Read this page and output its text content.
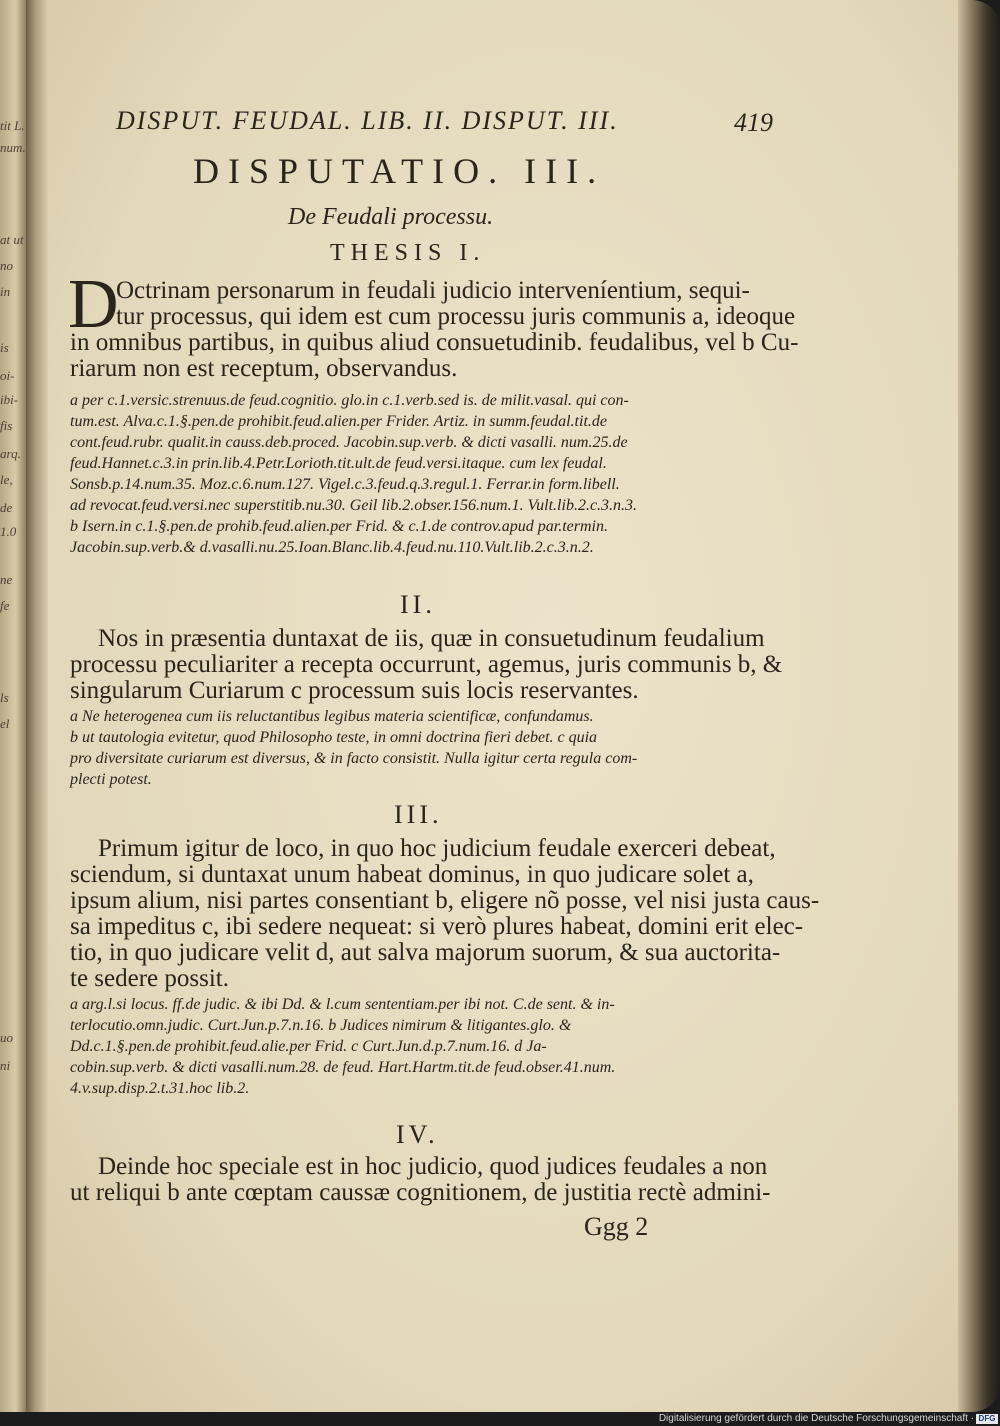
tit L.
num.
at ut
no
in
is
oi-
ibi-
fis
arq.
le,
de
1.0
ne
fe
ls
el
uo
ni
DISPUT. FEUDAL. LIB. II. DISPUT. III.	419
DISPUTATIO. III.
De Feudali processu.
THESIS I.
D
Octrinam personarum in feudali judicio interveníentium, sequi-
tur processus, qui idem est cum processu juris communis a, ideoque
in omnibus partibus, in quibus aliud consuetudinib. feudalibus, vel b Cu-
riarum non est receptum, observandus.
a per c.1.versic.strenuus.de feud.cognitio. glo.in c.1.verb.sed is. de milit.vasal. qui con-
tum.est. Alva.c.1.§.pen.de prohibit.feud.alien.per Frider. Artiz. in summ.feudal.tit.de
cont.feud.rubr. qualit.in causs.deb.proced. Jacobin.sup.verb. & dicti vasalli. num.25.de
feud.Hannet.c.3.in prin.lib.4.Petr.Lorioth.tit.ult.de feud.versi.itaque. cum lex feudal.
Sonsb.p.14.num.35. Moz.c.6.num.127. Vigel.c.3.feud.q.3.regul.1. Ferrar.in form.libell.
ad revocat.feud.versi.nec superstitib.nu.30. Geil lib.2.obser.156.num.1. Vult.lib.2.c.3.n.3.
b Isern.in c.1.§.pen.de prohib.feud.alien.per Frid. & c.1.de controv.apud par.termin.
Jacobin.sup.verb.& d.vasalli.nu.25.Ioan.Blanc.lib.4.feud.nu.110.Vult.lib.2.c.3.n.2.
II.
Nos in præsentia duntaxat de iis, quæ in consuetudinum feudalium
processu peculiariter a recepta occurrunt, agemus, juris communis b, &
singularum Curiarum c processum suis locis reservantes.
a Ne heterogenea cum iis reluctantibus legibus materia scientificæ, confundamus.
b ut tautologia evitetur, quod Philosopho teste, in omni doctrina fieri debet. c quia
pro diversitate curiarum est diversus, & in facto consistit. Nulla igitur certa regula com-
plecti potest.
III.
Primum igitur de loco, in quo hoc judicium feudale exerceri debeat,
sciendum, si duntaxat unum habeat dominus, in quo judicare solet a,
ipsum alium, nisi partes consentiant b, eligere nõ posse, vel nisi justa caus-
sa impeditus c, ibi sedere nequeat: si verò plures habeat, domini erit elec-
tio, in quo judicare velit d, aut salva majorum suorum, & sua auctorita-
te sedere possit.
a arg.l.si locus. ff.de judic. & ibi Dd. & l.cum sententiam.per ibi not. C.de sent. & in-
terlocutio.omn.judic. Curt.Jun.p.7.n.16. b Judices nimirum & litigantes.glo. &
Dd.c.1.§.pen.de prohibit.feud.alie.per Frid. c Curt.Jun.d.p.7.num.16. d Ja-
cobin.sup.verb. & dicti vasalli.num.28. de feud. Hart.Hartm.tit.de feud.obser.41.num.
4.v.sup.disp.2.t.31.hoc lib.2.
IV.
Deinde hoc speciale est in hoc judicio, quod judices feudales a non
ut reliqui b ante cœptam caussæ cognitionem, de justitia rectè admini-
Ggg 2
Digitalisierung gefördert durch die Deutsche Forschungsgemeinschaft · DFG
